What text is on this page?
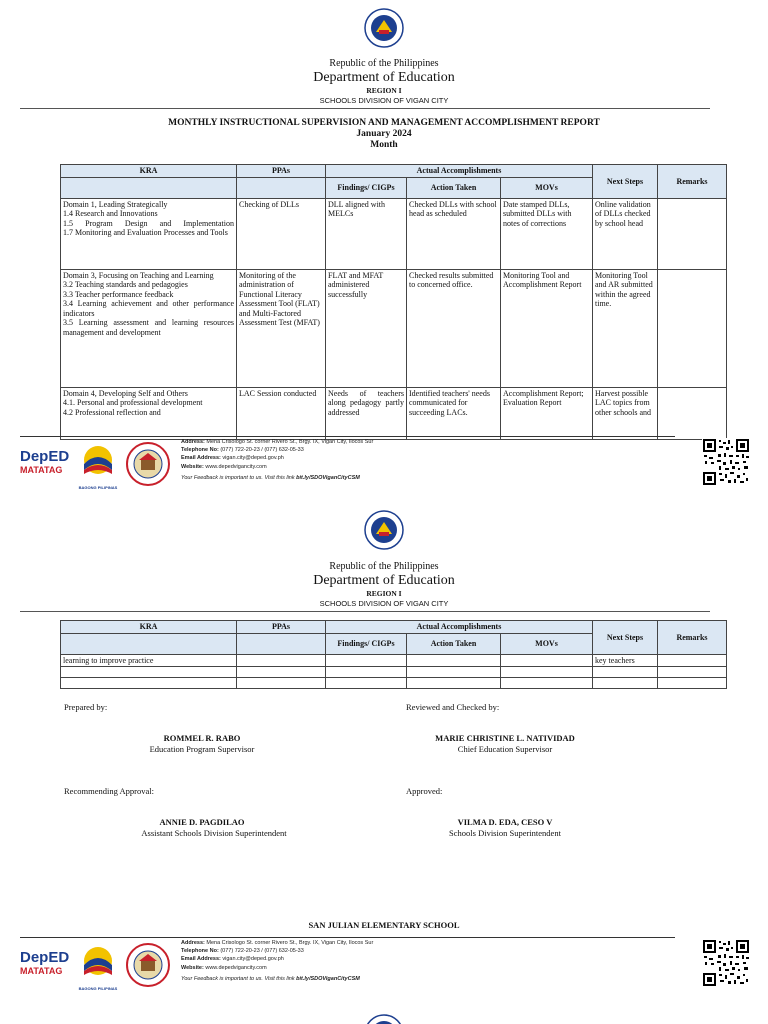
Republic of the Philippines
Department of Education
REGION I
SCHOOLS DIVISION OF VIGAN CITY
MONTHLY INSTRUCTIONAL SUPERVISION AND MANAGEMENT ACCOMPLISHMENT REPORT
January 2024
Month
KRA	PPAs	Actual Accomplishments			Next Steps	Remarks
		Findings/ CIGPs	Action Taken	MOVs		

Domain 1, Leading Strategically
1.4 Research and Innovations
1.5 Program Design and Implementation
1.7 Monitoring and Evaluation Processes and Tools	Checking of DLLs	DLL aligned with MELCs	Checked DLLs with school head as scheduled	Date stamped DLLs, submitted DLLs with notes of corrections	Online validation of DLLs checked by school head	

Domain 3, Focusing on Teaching and Learning
3.2 Teaching standards and pedagogies
3.3 Teacher performance feedback
3.4 Learning achievement and other performance indicators
3.5 Learning assessment and learning resources management and development	Monitoring of the administration of Functional Literacy Assessment Tool (FLAT) and Multi-Factored Assessment Test (MFAT)	FLAT and MFAT administered successfully	Checked results submitted to concerned office.	Monitoring Tool and Accomplishment Report	Monitoring Tool and AR submitted within the agreed time.	

Domain 4, Developing Self and Others
4.1. Personal and professional development
4.2 Professional reflection and	LAC Session conducted	Needs of teachers along pedagogy partly addressed	Identified teachers' needs communicated for succeeding LACs.	Accomplishment Report; Evaluation Report	Harvest possible LAC topics from other schools and	
DepED
MATATAG
BAGONG PILIPINAS
Address: Mena Crisologo St. corner Rivero St., Brgy. IX, Vigan City, Ilocos Sur
Telephone No: (077) 722-20-23 / (077) 632-05-33
Email Address: vigan.city@deped.gov.ph
Website: www.depedvigancity.com
Your Feedback is important to us. Visit this link bit.ly/SDOViganCityCSM
Republic of the Philippines
Department of Education
REGION I
SCHOOLS DIVISION OF VIGAN CITY
KRA	PPAs	Actual Accomplishments			Next Steps	Remarks
		Findings/ CIGPs	Action Taken	MOVs		
learning to improve practice					key teachers	

Prepared by:	Reviewed and Checked by:
ROMMEL R. RABO
Education Program Supervisor
MARIE CHRISTINE L. NATIVIDAD
Chief Education Supervisor
Recommending Approval:	Approved:
ANNIE D. PAGDILAO
Assistant Schools Division Superintendent
VILMA D. EDA, CESO V
Schools Division Superintendent
SAN JULIAN ELEMENTARY SCHOOL
DepED
MATATAG
BAGONG PILIPINAS
Address: Mena Crisologo St. corner Rivero St., Brgy. IX, Vigan City, Ilocos Sur
Telephone No: (077) 722-20-23 / (077) 632-05-33
Email Address: vigan.city@deped.gov.ph
Website: www.depedvigancity.com
Your Feedback is important to us. Visit this link bit.ly/SDOViganCityCSM
